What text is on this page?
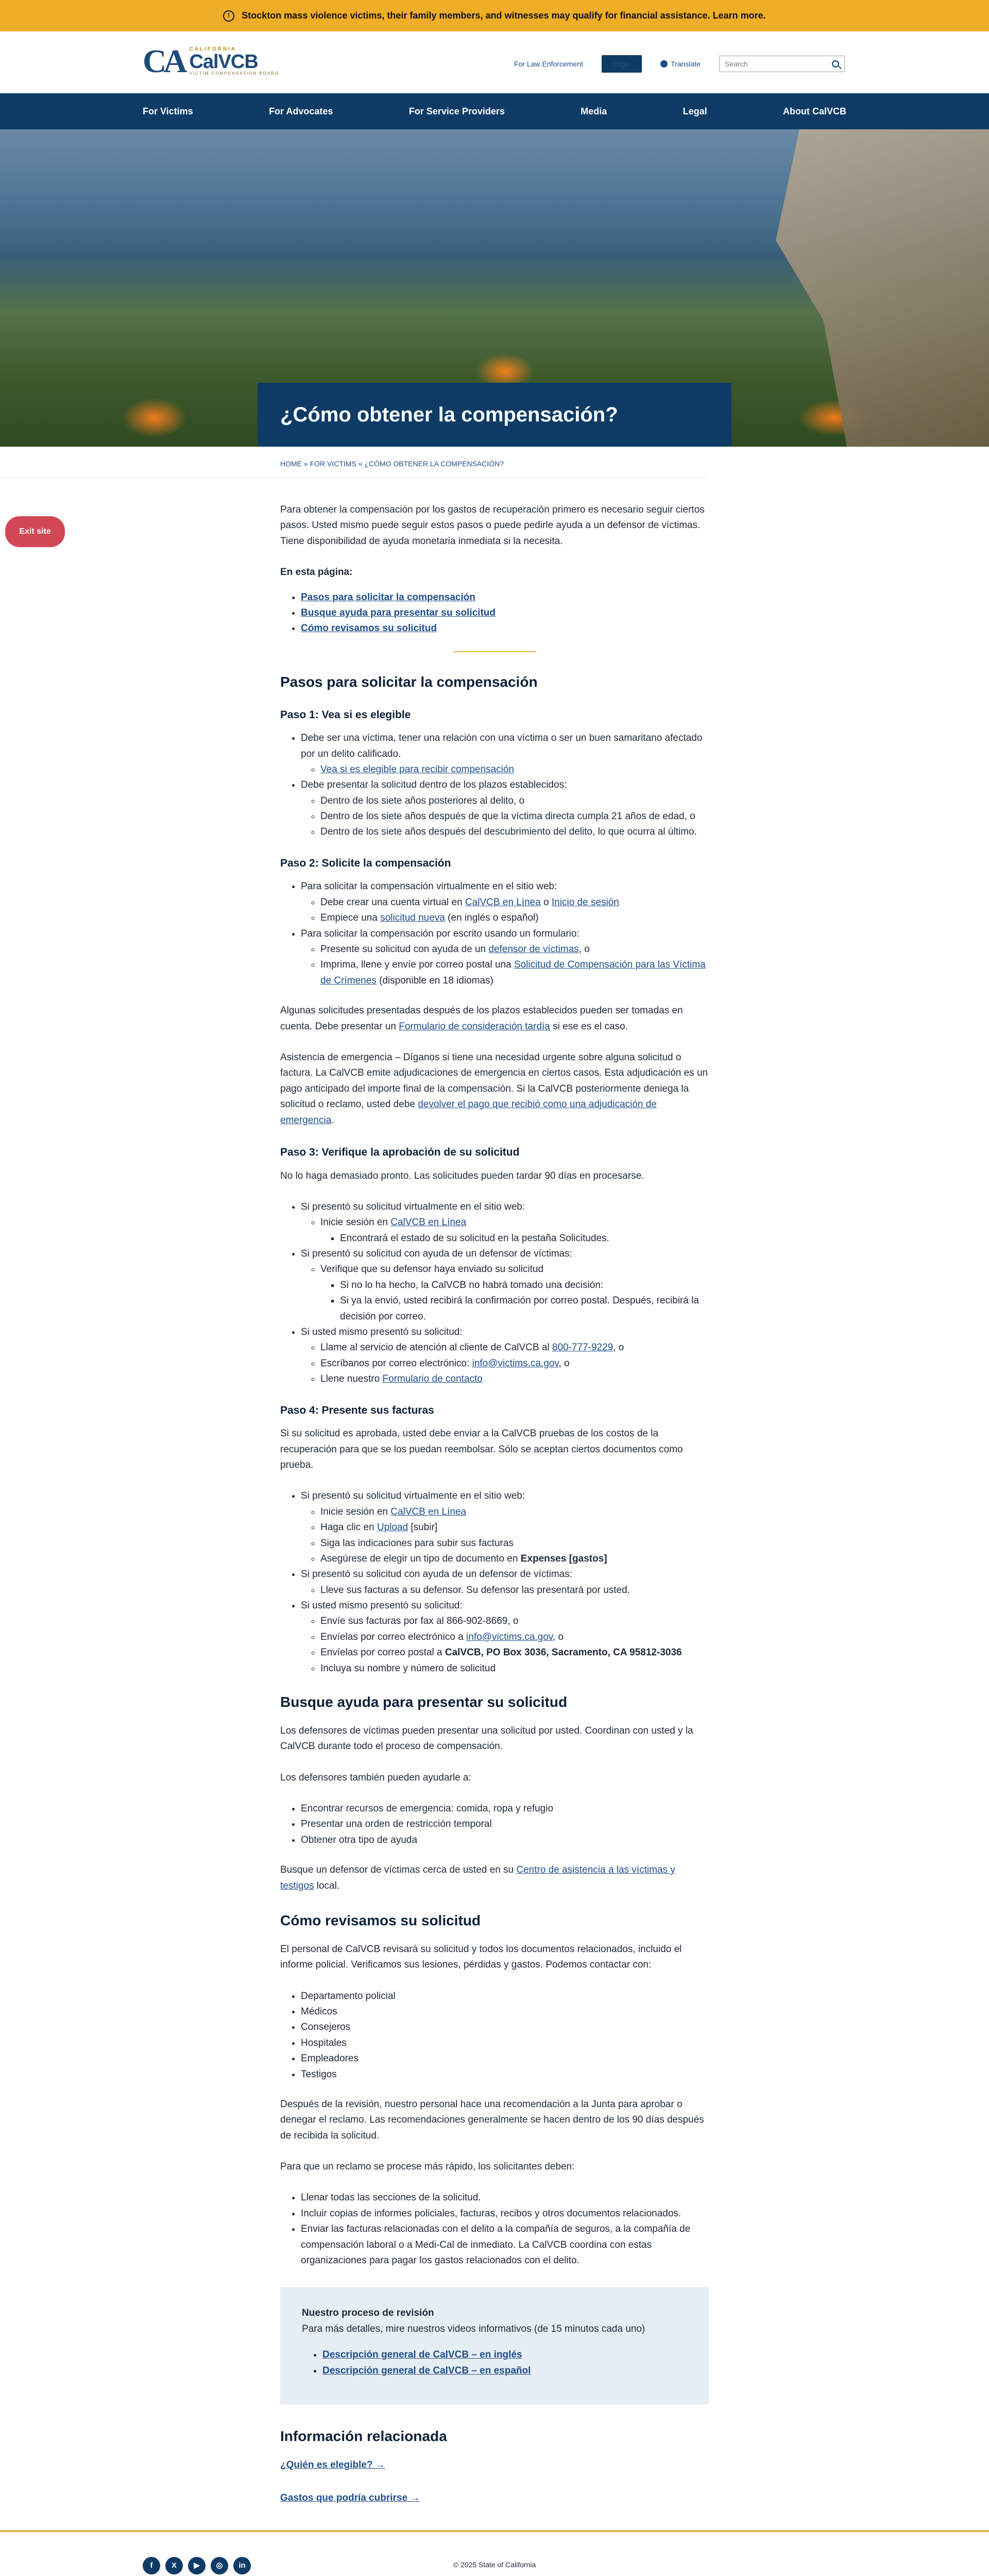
!	Stockton mass violence victims, their family members, and witnesses may qualify for financial assistance. Learn more.
CA CALIFORNIA
CalVCB
VICTIM COMPENSATION BOARD
For Law Enforcement	Login	Translate
Search
For Victims	For Advocates	For Service Providers	Media	Legal	About CalVCB
¿Cómo obtener la compensación?
HOME » FOR VICTIMS » ¿CÓMO OBTENER LA COMPENSACIÓN?
Exit site

Para obtener la compensación por los gastos de recuperación primero es necesario seguir ciertos pasos. Usted mismo puede seguir estos pasos o puede pedirle ayuda a un defensor de víctimas. Tiene disponibilidad de ayuda monetaria inmediata si la necesita.

En esta página:

• Pasos para solicitar la compensación
• Busque ayuda para presentar su solicitud
• Cómo revisamos su solicitud
Pasos para solicitar la compensación
Paso 1: Vea si es elegible
• Debe ser una víctima, tener una relación con una víctima o ser un buen samaritano afectado por un delito calificado.
◦ Vea si es elegible para recibir compensación
• Debe presentar la solicitud dentro de los plazos establecidos:
◦ Dentro de los siete años posteriores al delito, o
◦ Dentro de los siete años después de que la víctima directa cumpla 21 años de edad, o
◦ Dentro de los siete años después del descubrimiento del delito, lo que ocurra al último.
Paso 2: Solicite la compensación
• Para solicitar la compensación virtualmente en el sitio web:
◦ Debe crear una cuenta virtual en CalVCB en Línea o Inicio de sesión
◦ Empiece una solicitud nueva (en inglés o español)
• Para solicitar la compensación por escrito usando un formulario:
◦ Presente su solicitud con ayuda de un defensor de víctimas, o
◦ Imprima, llene y envíe por correo postal una Solicitud de Compensación para las Víctima de Crímenes (disponible en 18 idiomas)

Algunas solicitudes presentadas después de los plazos establecidos pueden ser tomadas en cuenta. Debe presentar un Formulario de consideración tardía si ese es el caso.

Asistencia de emergencia – Díganos si tiene una necesidad urgente sobre alguna solicitud o factura. La CalVCB emite adjudicaciones de emergencia en ciertos casos. Esta adjudicación es un pago anticipado del importe final de la compensación. Si la CalVCB posteriormente deniega la solicitud o reclamo, usted debe devolver el pago que recibió como una adjudicación de emergencia.

Paso 3: Verifique la aprobación de su solicitud

No lo haga demasiado pronto. Las solicitudes pueden tardar 90 días en procesarse.

• Si presentó su solicitud virtualmente en el sitio web:
◦ Inicie sesión en CalVCB en Línea
▪ Encontrará el estado de su solicitud en la pestaña Solicitudes.
• Si presentó su solicitud con ayuda de un defensor de víctimas:
◦ Verifique que su defensor haya enviado su solicitud
▪ Si no lo ha hecho, la CalVCB no habrá tomado una decisión:
▪ Si ya la envió, usted recibirá la confirmación por correo postal. Después, recibirá la decisión por correo.
• Si usted mismo presentó su solicitud:
◦ Llame al servicio de atención al cliente de CalVCB al 800-777-9229, o
◦ Escríbanos por correo electrónico: info@victims.ca.gov, o
◦ Llene nuestro Formulario de contacto
Paso 4: Presente sus facturas

Si su solicitud es aprobada, usted debe enviar a la CalVCB pruebas de los costos de la recuperación para que se los puedan reembolsar. Sólo se aceptan ciertos documentos como prueba.

• Si presentó su solicitud virtualmente en el sitio web:
◦ Inicie sesión en CalVCB en Línea
◦ Haga clic en Upload [subir]
◦ Siga las indicaciones para subir sus facturas
◦ Asegúrese de elegir un tipo de documento en Expenses [gastos]
• Si presentó su solicitud con ayuda de un defensor de víctimas:
◦ Lleve sus facturas a su defensor. Su defensor las presentará por usted.
• Si usted mismo presentó su solicitud:
◦ Envíe sus facturas por fax al 866-902-8669, o
◦ Envíelas por correo electrónico a info@victims.ca.gov, o
◦ Envíelas por correo postal a CalVCB, PO Box 3036, Sacramento, CA 95812-3036
◦ Incluya su nombre y número de solicitud
Busque ayuda para presentar su solicitud

Los defensores de víctimas pueden presentar una solicitud por usted. Coordinan con usted y la CalVCB durante todo el proceso de compensación.

Los defensores también pueden ayudarle a:

• Encontrar recursos de emergencia: comida, ropa y refugio
• Presentar una orden de restricción temporal
• Obtener otra tipo de ayuda

Busque un defensor de víctimas cerca de usted en su Centro de asistencia a las víctimas y testigos local.

Cómo revisamos su solicitud

El personal de CalVCB revisará su solicitud y todos los documentos relacionados, incluido el informe policial. Verificamos sus lesiones, pérdidas y gastos. Podemos contactar con:

• Departamento policial
• Médicos
• Consejeros
• Hospitales
• Empleadores
• Testigos

Después de la revisión, nuestro personal hace una recomendación a la Junta para aprobar o denegar el reclamo. Las recomendaciones generalmente se hacen dentro de los 90 días después de recibida la solicitud.

Para que un reclamo se procese más rápido, los solicitantes deben:

• Llenar todas las secciones de la solicitud.
• Incluir copias de informes policiales, facturas, recibos y otros documentos relacionados.
• Enviar las facturas relacionadas con el delito a la compañía de seguros, a la compañía de compensación laboral o a Medi-Cal de inmediato. La CalVCB coordina con estas organizaciones para pagar los gastos relacionados con el delito.

Nuestro proceso de revisión

Para más detalles, mire nuestros videos informativos (de 15 minutos cada uno)

• Descripción general de CalVCB – en inglés
• Descripción general de CalVCB – en español
Información relacionada
¿Quién es elegible? →
Gastos que podría cubrirse →
f	X	▶	◎	in	© 2025 State of California
